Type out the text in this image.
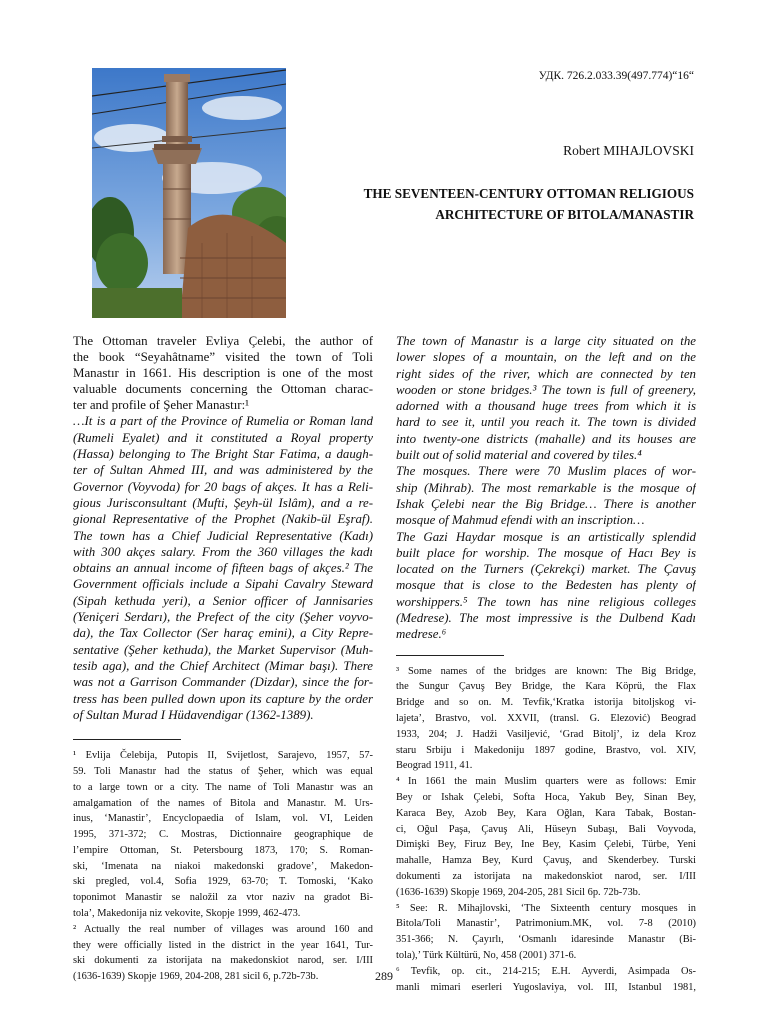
УДК. 726.2.033.39(497.774)“16“
Robert MIHAJLOVSKI
THE SEVENTEEN-CENTURY OTTOMAN RELIGIOUS
ARCHITECTURE OF BITOLA/MANASTIR
The Ottoman traveler Evliya Çelebi, the author of
the book “Seyahâtname” visited the town of Toli
Manastır in 1661. His description is one of the most
valuable documents concerning the Ottoman charac-
ter and profile of Şeher Manastır:¹
…It is a part of the Province of Rumelia or Roman land
(Rumeli Eyalet) and it constituted a Royal property
(Hassa) belonging to The Bright Star Fatima, a daugh-
ter of Sultan Ahmed III, and was administered by the
Governor (Voyvoda) for 20 bags of akçes. It has a Reli-
gious Jurisconsultant (Mufti, Şeyh-ül Islâm), and a re-
gional Representative of the Prophet (Nakib-ül Eşraf).
The town has a Chief Judicial Representative (Kadı)
with 300 akçes salary. From the 360 villages the kadı
obtains an annual income of fifteen bags of akçes.² The
Government officials include a Sipahi Cavalry Steward
(Sipah kethuda yeri), a Senior officer of Jannisaries
(Yeniçeri Serdarı), the Prefect of the city (Şeher voyvo-
da), the Tax Collector (Ser haraç emini), a City Repre-
sentative (Şeher kethuda), the Market Supervisor (Muh-
tesib aga), and the Chief Architect (Mimar başı). There
was not a Garrison Commander (Dizdar), since the for-
tress has been pulled down upon its capture by the order
of Sultan Murad I Hüdavendigar (1362-1389).
¹ Evlija Čelebija, Putopis II, Svijetlost, Sarajevo, 1957, 57-
59. Toli Manastır had the status of Şeher, which was equal
to a large town or a city. The name of Toli Manastır was an
amalgamation of the names of Bitola and Manastır. M. Urs-
inus, ‘Manastir’, Encyclopaedia of Islam, vol. VI, Leiden
1995, 371-372; C. Mostras, Dictionnaire geographique de
l’empire Ottoman, St. Petersbourg 1873, 170; S. Roman-
ski, ‘Imenata na niakoi makedonski gradove’, Makedon-
ski pregled, vol.4, Sofia 1929, 63-70; T. Tomoski, ‘Kako
toponimot Manastir se naložil za vtor naziv na gradot Bi-
tola’, Makedonija niz vekovite, Skopje 1999, 462-473.
² Actually the real number of villages was around 160 and
they were officially listed in the district in the year 1641, Tur-
ski dokumenti za istorijata na makedonskiot narod, ser. I/III
(1636-1639) Skopje 1969, 204-208, 281 sicil 6, p.72b-73b.
The town of Manastır is a large city situated on the
lower slopes of a mountain, on the left and on the
right sides of the river, which are connected by ten
wooden or stone bridges.³ The town is full of greenery,
adorned with a thousand huge trees from which it is
hard to see it, until you reach it. The town is divided
into twenty-one districts (mahalle) and its houses are
built out of solid material and covered by tiles.⁴
The mosques. There were 70 Muslim places of wor-
ship (Mihrab). The most remarkable is the mosque of
Ishak Çelebi near the Big Bridge… There is another
mosque of Mahmud efendi with an inscription…
The Gazi Haydar mosque is an artistically splendid
built place for worship. The mosque of Hacı Bey is
located on the Turners (Çekrekçi) market. The Çavuş
mosque that is close to the Bedesten has plenty of
worshippers.⁵ The town has nine religious colleges
(Medrese). The most impressive is the Dulbend Kadı
medrese.⁶
³ Some names of the bridges are known: The Big Bridge,
the Sungur Çavuş Bey Bridge, the Kara Köprü, the Flax
Bridge and so on. M. Tevfik,‘Kratka istorija bitoljskog vi-
lajeta’, Brastvo, vol. XXVII, (transl. G. Elezović) Beograd
1933, 204; J. Hadži Vasiljević, ‘Grad Bitolj’, iz dela Kroz
staru Srbiju i Makedoniju 1897 godine, Brastvo, vol. XIV,
Beograd 1911, 41.
⁴ In 1661 the main Muslim quarters were as follows: Emir
Bey or Ishak Çelebi, Softa Hoca, Yakub Bey, Sinan Bey,
Karaca Bey, Azob Bey, Kara Oğlan, Kara Tabak, Bostan-
ci, Oğul Paşa, Çavuş Ali, Hüseyn Subaşı, Bali Voyvoda,
Dimişki Bey, Firuz Bey, Ine Bey, Kasim Çelebi, Türbe, Yeni
mahalle, Hamza Bey, Kurd Çavuş, and Skenderbey. Turski
dokumenti za istorijata na makedonskiot narod, ser. I/III
(1636-1639) Skopje 1969, 204-205, 281 Sicil 6p. 72b-73b.
⁵ See: R. Mihajlovski, ‘The Sixteenth century mosques in
Bitola/Toli Manastir’, Patrimonium.MK, vol. 7-8 (2010)
351-366; N. Çayırlı, ‘Osmanlı idaresinde Manastır (Bi-
tola),’ Türk Kültürü, No, 458 (2001) 371-6.
⁶ Tevfik, op. cit., 214-215; E.H. Ayverdi, Asimpada Os-
manli mimari eserleri Yugoslaviya, vol. III, Istanbul 1981,
289
